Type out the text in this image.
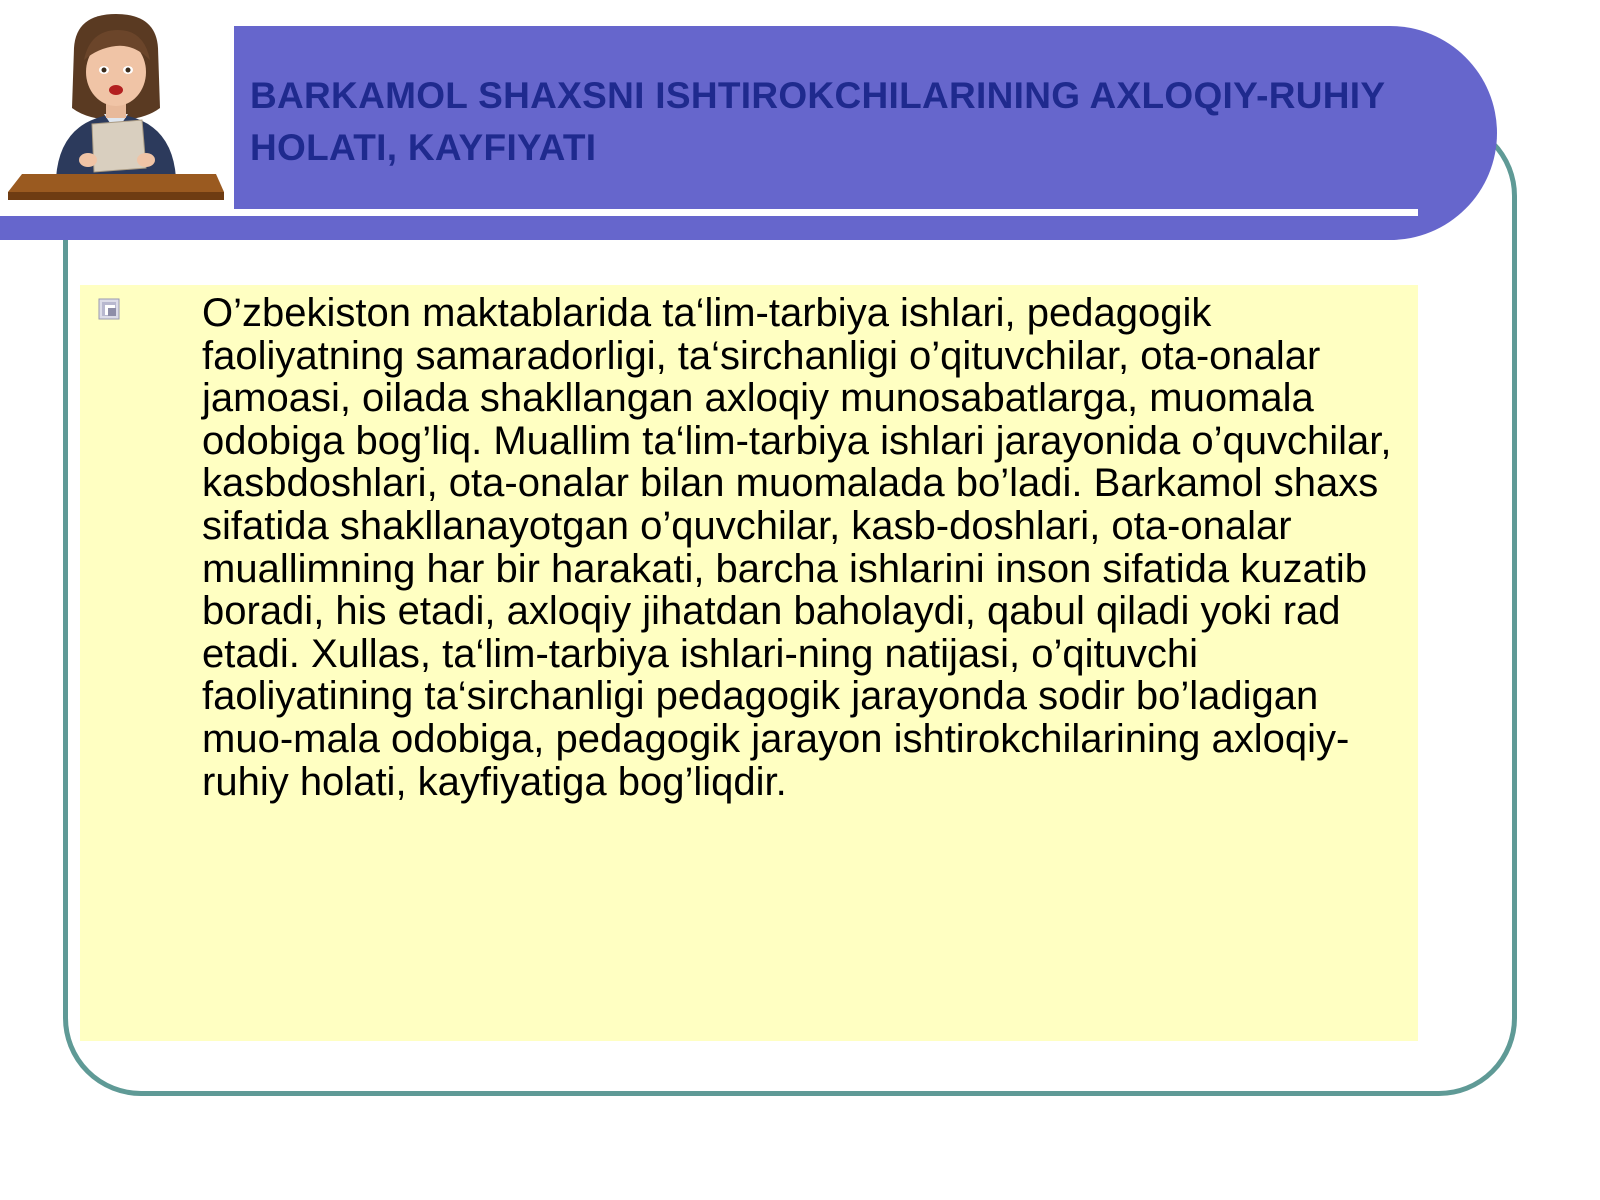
BARKAMOL SHAXSNI ISHTIROKCHILARINING AXLOQIY-RUHIY HOLATI, KAYFIYATI

O’zbekiston maktablarida ta‘lim-tarbiya ishlari, pedagogik faoliyatning samaradorligi, ta‘sirchanligi o’qituvchilar, ota-onalar jamoasi, oilada shakllangan axloqiy munosabatlarga, muomala odobiga bog’liq. Muallim ta‘lim-tarbiya ishlari jarayonida o’quvchilar, kasbdoshlari, ota-onalar bilan muomalada bo’ladi. Barkamol shaxs sifatida shakllanayotgan o’quvchilar, kasb-doshlari, ota-onalar muallimning har bir harakati, barcha ishlarini inson sifatida kuzatib boradi, his etadi, axloqiy jihatdan baholaydi, qabul qiladi yoki rad etadi. Xullas, ta‘lim-tarbiya ishlari-ning natijasi, o’qituvchi faoliyatining ta‘sirchanligi pedagogik jarayonda sodir bo’ladigan muo-mala odobiga, pedagogik jarayon ishtirokchilarining axloqiy-ruhiy holati, kayfiyatiga bog’liqdir.
